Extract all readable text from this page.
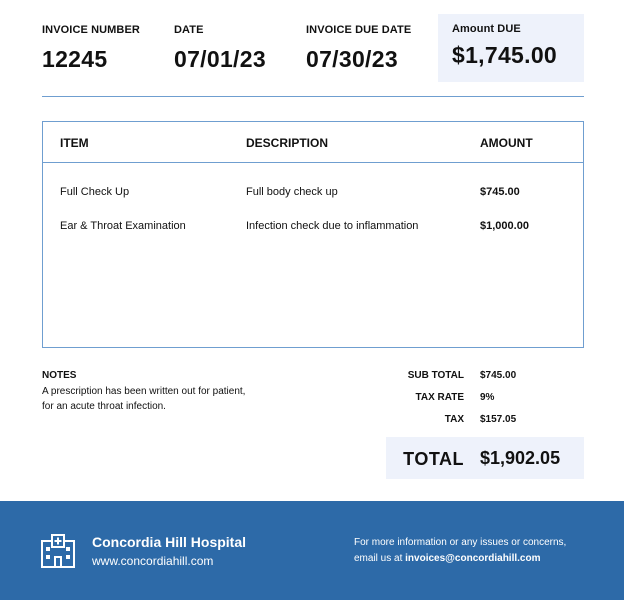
INVOICE NUMBER
12245
DATE
07/01/23
INVOICE DUE DATE
07/30/23
Amount DUE
$1,745.00
ITEM	DESCRIPTION	AMOUNT
Full Check Up	Full body check up	$745.00
Ear & Throat Examination	Infection check due to inflammation	$1,000.00
NOTES
A prescription has been written out for patient,
for an acute throat infection.
SUB TOTAL $745.00
TAX RATE 9%
TAX $157.05
TOTAL $1,902.05
Concordia Hill Hospital
www.concordiahill.com
For more information or any issues or concerns,
email us at invoices@concordiahill.com
